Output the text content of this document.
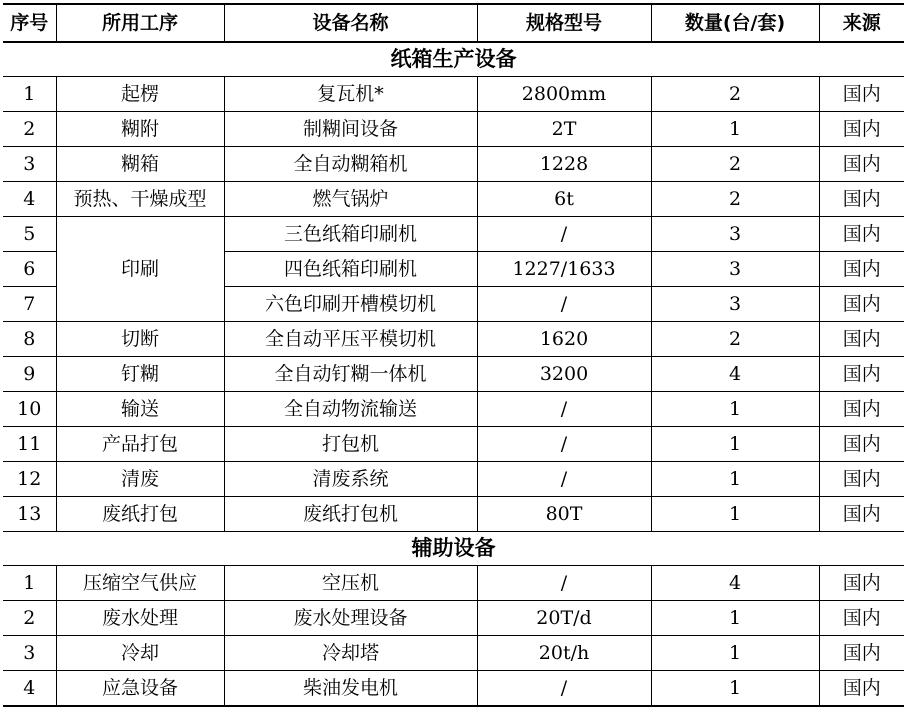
序号	所用工序	设备名称	规格型号	数量(台/套)	来源
纸箱生产设备					
1	起楞	复瓦机*	2800mm	2	国内
2	糊附	制糊间设备	2T	1	国内
3	糊箱	全自动糊箱机	1228	2	国内
4	预热、干燥成型	燃气锅炉	6t	2	国内
5	印刷	三色纸箱印刷机	/	3	国内
6		四色纸箱印刷机	1227/1633	3	国内
7		六色印刷开槽模切机	/	3	国内
8	切断	全自动平压平模切机	1620	2	国内
9	钉糊	全自动钉糊一体机	3200	4	国内
10	输送	全自动物流输送	/	1	国内
11	产品打包	打包机	/	1	国内
12	清废	清废系统	/	1	国内
13	废纸打包	废纸打包机	80T	1	国内
辅助设备					
1	压缩空气供应	空压机	/	4	国内
2	废水处理	废水处理设备	20T/d	1	国内
3	冷却	冷却塔	20t/h	1	国内
4	应急设备	柴油发电机	/	1	国内
